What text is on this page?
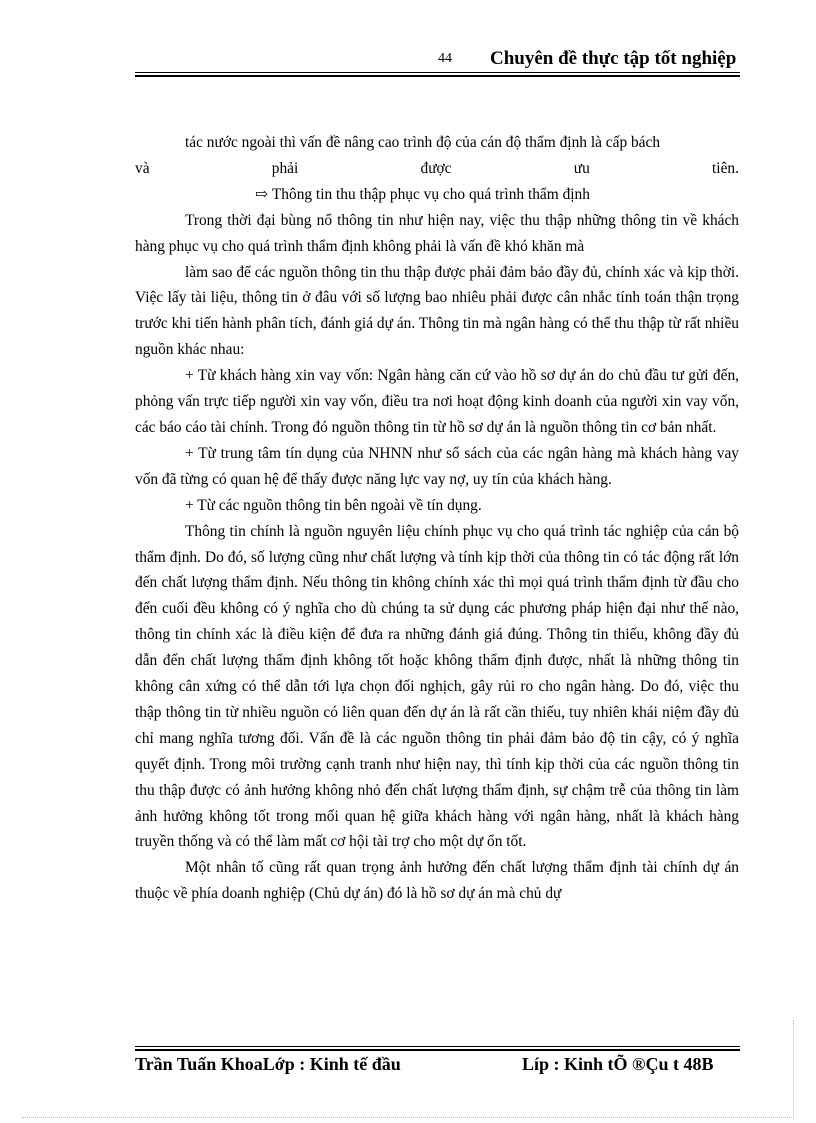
44 Chuyên đề thực tập tốt nghiệp

tác nước ngoài thì vấn đề nâng cao trình độ của cán độ thẩm định là cấp bách

và	phải	được	ưu	tiên.

⇨ Thông tin thu thập phục vụ cho quá trình thẩm định

Trong thời đại bùng nổ thông tin như hiện nay, việc thu thập những thông tin về khách hàng phục vụ cho quá trình thẩm định không phải là vấn đề khó khăn mà

làm sao để các nguồn thông tin thu thập được phải đảm bảo đầy đủ, chính xác và kịp thời. Việc lấy tài liệu, thông tin ở đâu với số lượng bao nhiêu phải được cân nhắc tính toán thận trọng trước khi tiến hành phân tích, đánh giá dự án. Thông tin mà ngân hàng có thể thu thập từ rất nhiều nguồn khác nhau:

+ Từ khách hàng xin vay vốn: Ngân hàng căn cứ vào hồ sơ dự án do chủ đầu tư gửi đến, phỏng vấn trực tiếp người xin vay vốn, điều tra nơi hoạt động kinh doanh của người xin vay vốn, các báo cáo tài chính. Trong đó nguồn thông tin từ hồ sơ dự án là nguồn thông tin cơ bản nhất.

+ Từ trung tâm tín dụng của NHNN như sổ sách của các ngân hàng mà khách hàng vay vốn đã từng có quan hệ để thấy được năng lực vay nợ, uy tín của khách hàng.

+ Từ các nguồn thông tin bên ngoài về tín dụng.

Thông tin chính là nguồn nguyên liệu chính phục vụ cho quá trình tác nghiệp của cán bộ thẩm định. Do đó, số lượng cũng như chất lượng và tính kịp thời của thông tin có tác động rất lớn đến chất lượng thẩm định. Nếu thông tin không chính xác thì mọi quá trình thẩm định từ đầu cho đến cuối đều không có ý nghĩa cho dù chúng ta sử dụng các phương pháp hiện đại như thế nào, thông tin chính xác là điều kiện để đưa ra những đánh giá đúng. Thông tin thiếu, không đầy đủ dẫn đến chất lượng thẩm định không tốt hoặc không thẩm định được, nhất là những thông tin không cân xứng có thể dẫn tới lựa chọn đối nghịch, gây rủi ro cho ngân hàng. Do đó, việc thu thập thông tin từ nhiều nguồn có liên quan đến dự án là rất cần thiếu, tuy nhiên khái niệm đầy đủ chỉ mang nghĩa tương đối. Vấn đề là các nguồn thông tin phải đảm bảo độ tin cậy, có ý nghĩa quyết định. Trong môi trường cạnh tranh như hiện nay, thì tính kịp thời của các nguồn thông tin thu thập được có ảnh hưởng không nhỏ đến chất lượng thẩm định, sự chậm trễ của thông tin làm ảnh hưởng không tốt trong mối quan hệ giữa khách hàng với ngân hàng, nhất là khách hàng truyền thống và có thể làm mất cơ hội tài trợ cho một dự ổn tốt.

Một nhân tố cũng rất quan trọng ảnh hưởng đến chất lượng thẩm định tài chính dự án thuộc về phía doanh nghiệp (Chủ dự án) đó là hồ sơ dự án mà chủ dự

Trần Tuấn KhoaLớp : Kinh tế đầu	Líp : Kinh tÕ ®Çu t 48B
